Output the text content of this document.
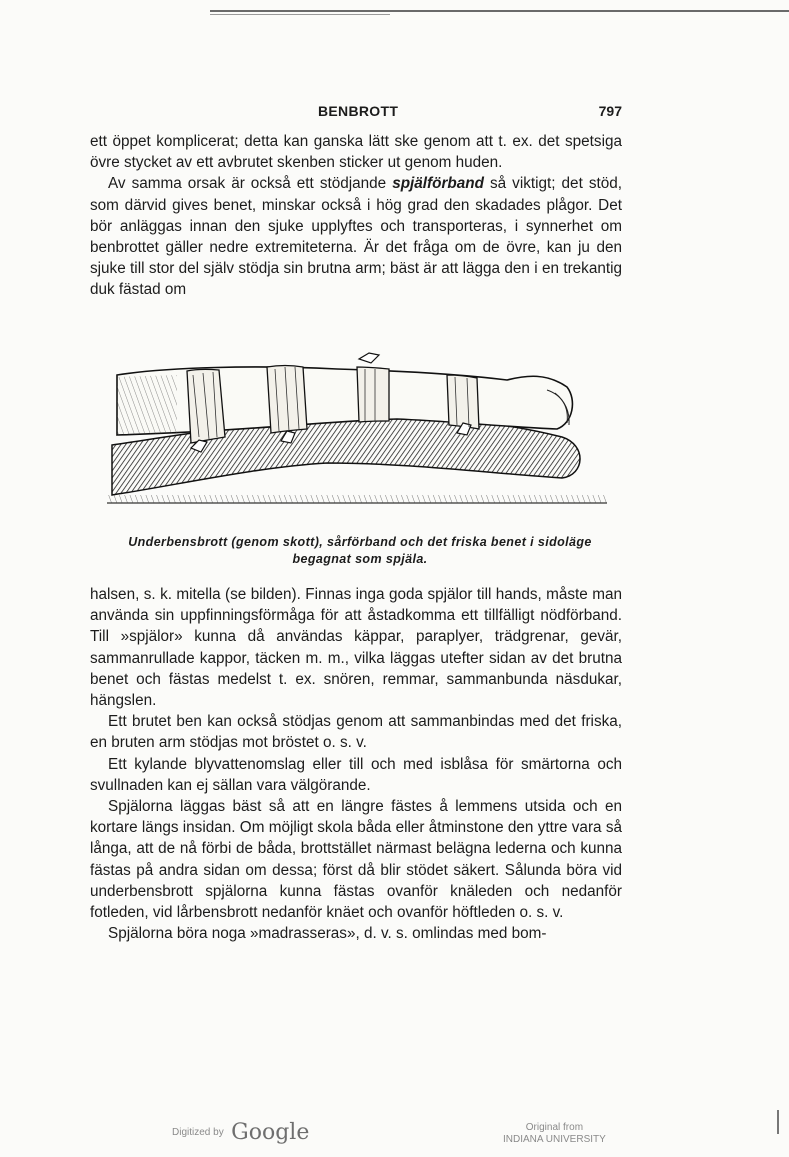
BENBROTT	797

ett öppet komplicerat; detta kan ganska lätt ske genom att t. ex. det spetsiga övre stycket av ett avbrutet skenben sticker ut genom huden.

Av samma orsak är också ett stödjande spjälförband så viktigt; det stöd, som därvid gives benet, minskar också i hög grad den skadades plågor. Det bör anläggas innan den sjuke upplyftes och transporteras, i synnerhet om benbrottet gäller nedre extremiteterna. Är det fråga om de övre, kan ju den sjuke till stor del själv stödja sin brutna arm; bäst är att lägga den i en trekantig duk fästad om

Underbensbrott (genom skott), sårförband och det friska benet i sidoläge
begagnat som spjäla.

halsen, s. k. mitella (se bilden). Finnas inga goda spjälor till hands, måste man använda sin uppfinningsförmåga för att åstadkomma ett tillfälligt nödförband. Till »spjälor» kunna då användas käppar, paraplyer, trädgrenar, gevär, sammanrullade kappor, täcken m. m., vilka läggas utefter sidan av det brutna benet och fästas medelst t. ex. snören, remmar, sammanbunda näsdukar, hängslen.

Ett brutet ben kan också stödjas genom att sammanbindas med det friska, en bruten arm stödjas mot bröstet o. s. v.

Ett kylande blyvattenomslag eller till och med isblåsa för smärtorna och svullnaden kan ej sällan vara välgörande.

Spjälorna läggas bäst så att en längre fästes å lemmens utsida och en kortare längs insidan. Om möjligt skola båda eller åtminstone den yttre vara så långa, att de nå förbi de båda, brottstället närmast belägna lederna och kunna fästas på andra sidan om dessa; först då blir stödet säkert. Sålunda böra vid underbensbrott spjälorna kunna fästas ovanför knäleden och nedanför fotleden, vid lårbensbrott nedanför knäet och ovanför höftleden o. s. v.

Spjälorna böra noga »madrasseras», d. v. s. omlindas med bom-

Digitized by Google	Original from
INDIANA UNIVERSITY
